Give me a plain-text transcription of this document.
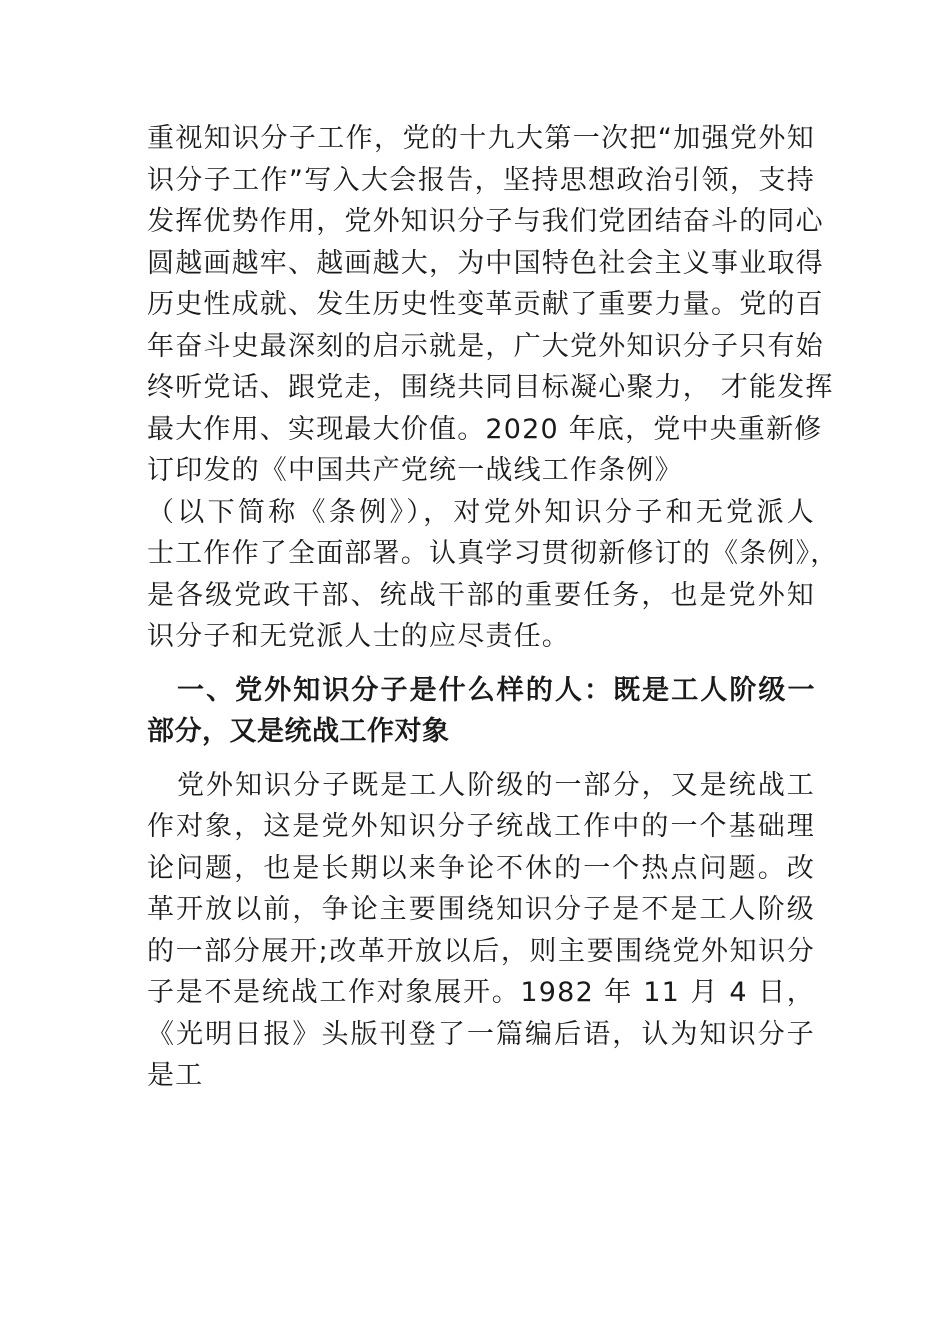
重视知识分子工作，党的十九大第一次把“加强党外知
识分子工作”写入大会报告，坚持思想政治引领，支持
发挥优势作用，党外知识分子与我们党团结奋斗的同心
圆越画越牢、越画越大，为中国特色社会主义事业取得
历史性成就、发生历史性变革贡献了重要力量。党的百
年奋斗史最深刻的启示就是，广大党外知识分子只有始
终听党话、跟党走，围绕共同目标凝心聚力， 才能发挥
最大作用、实现最大价值。2020 年底，党中央重新修
订印发的《中国共产党统一战线工作条例》
（以下简称《条例》），对党外知识分子和无党派人
士工作作了全面部署。认真学习贯彻新修订的《条例》，
是各级党政干部、统战干部的重要任务，也是党外知
识分子和无党派人士的应尽责任。
一、党外知识分子是什么样的人：既是工人阶级一
部分，又是统战工作对象
党外知识分子既是工人阶级的一部分，又是统战工
作对象，这是党外知识分子统战工作中的一个基础理
论问题，也是长期以来争论不休的一个热点问题。改
革开放以前，争论主要围绕知识分子是不是工人阶级
的一部分展开;改革开放以后，则主要围绕党外知识分
子是不是统战工作对象展开。1982 年 11 月 4 日，
《光明日报》头版刊登了一篇编后语，认为知识分子
是工
